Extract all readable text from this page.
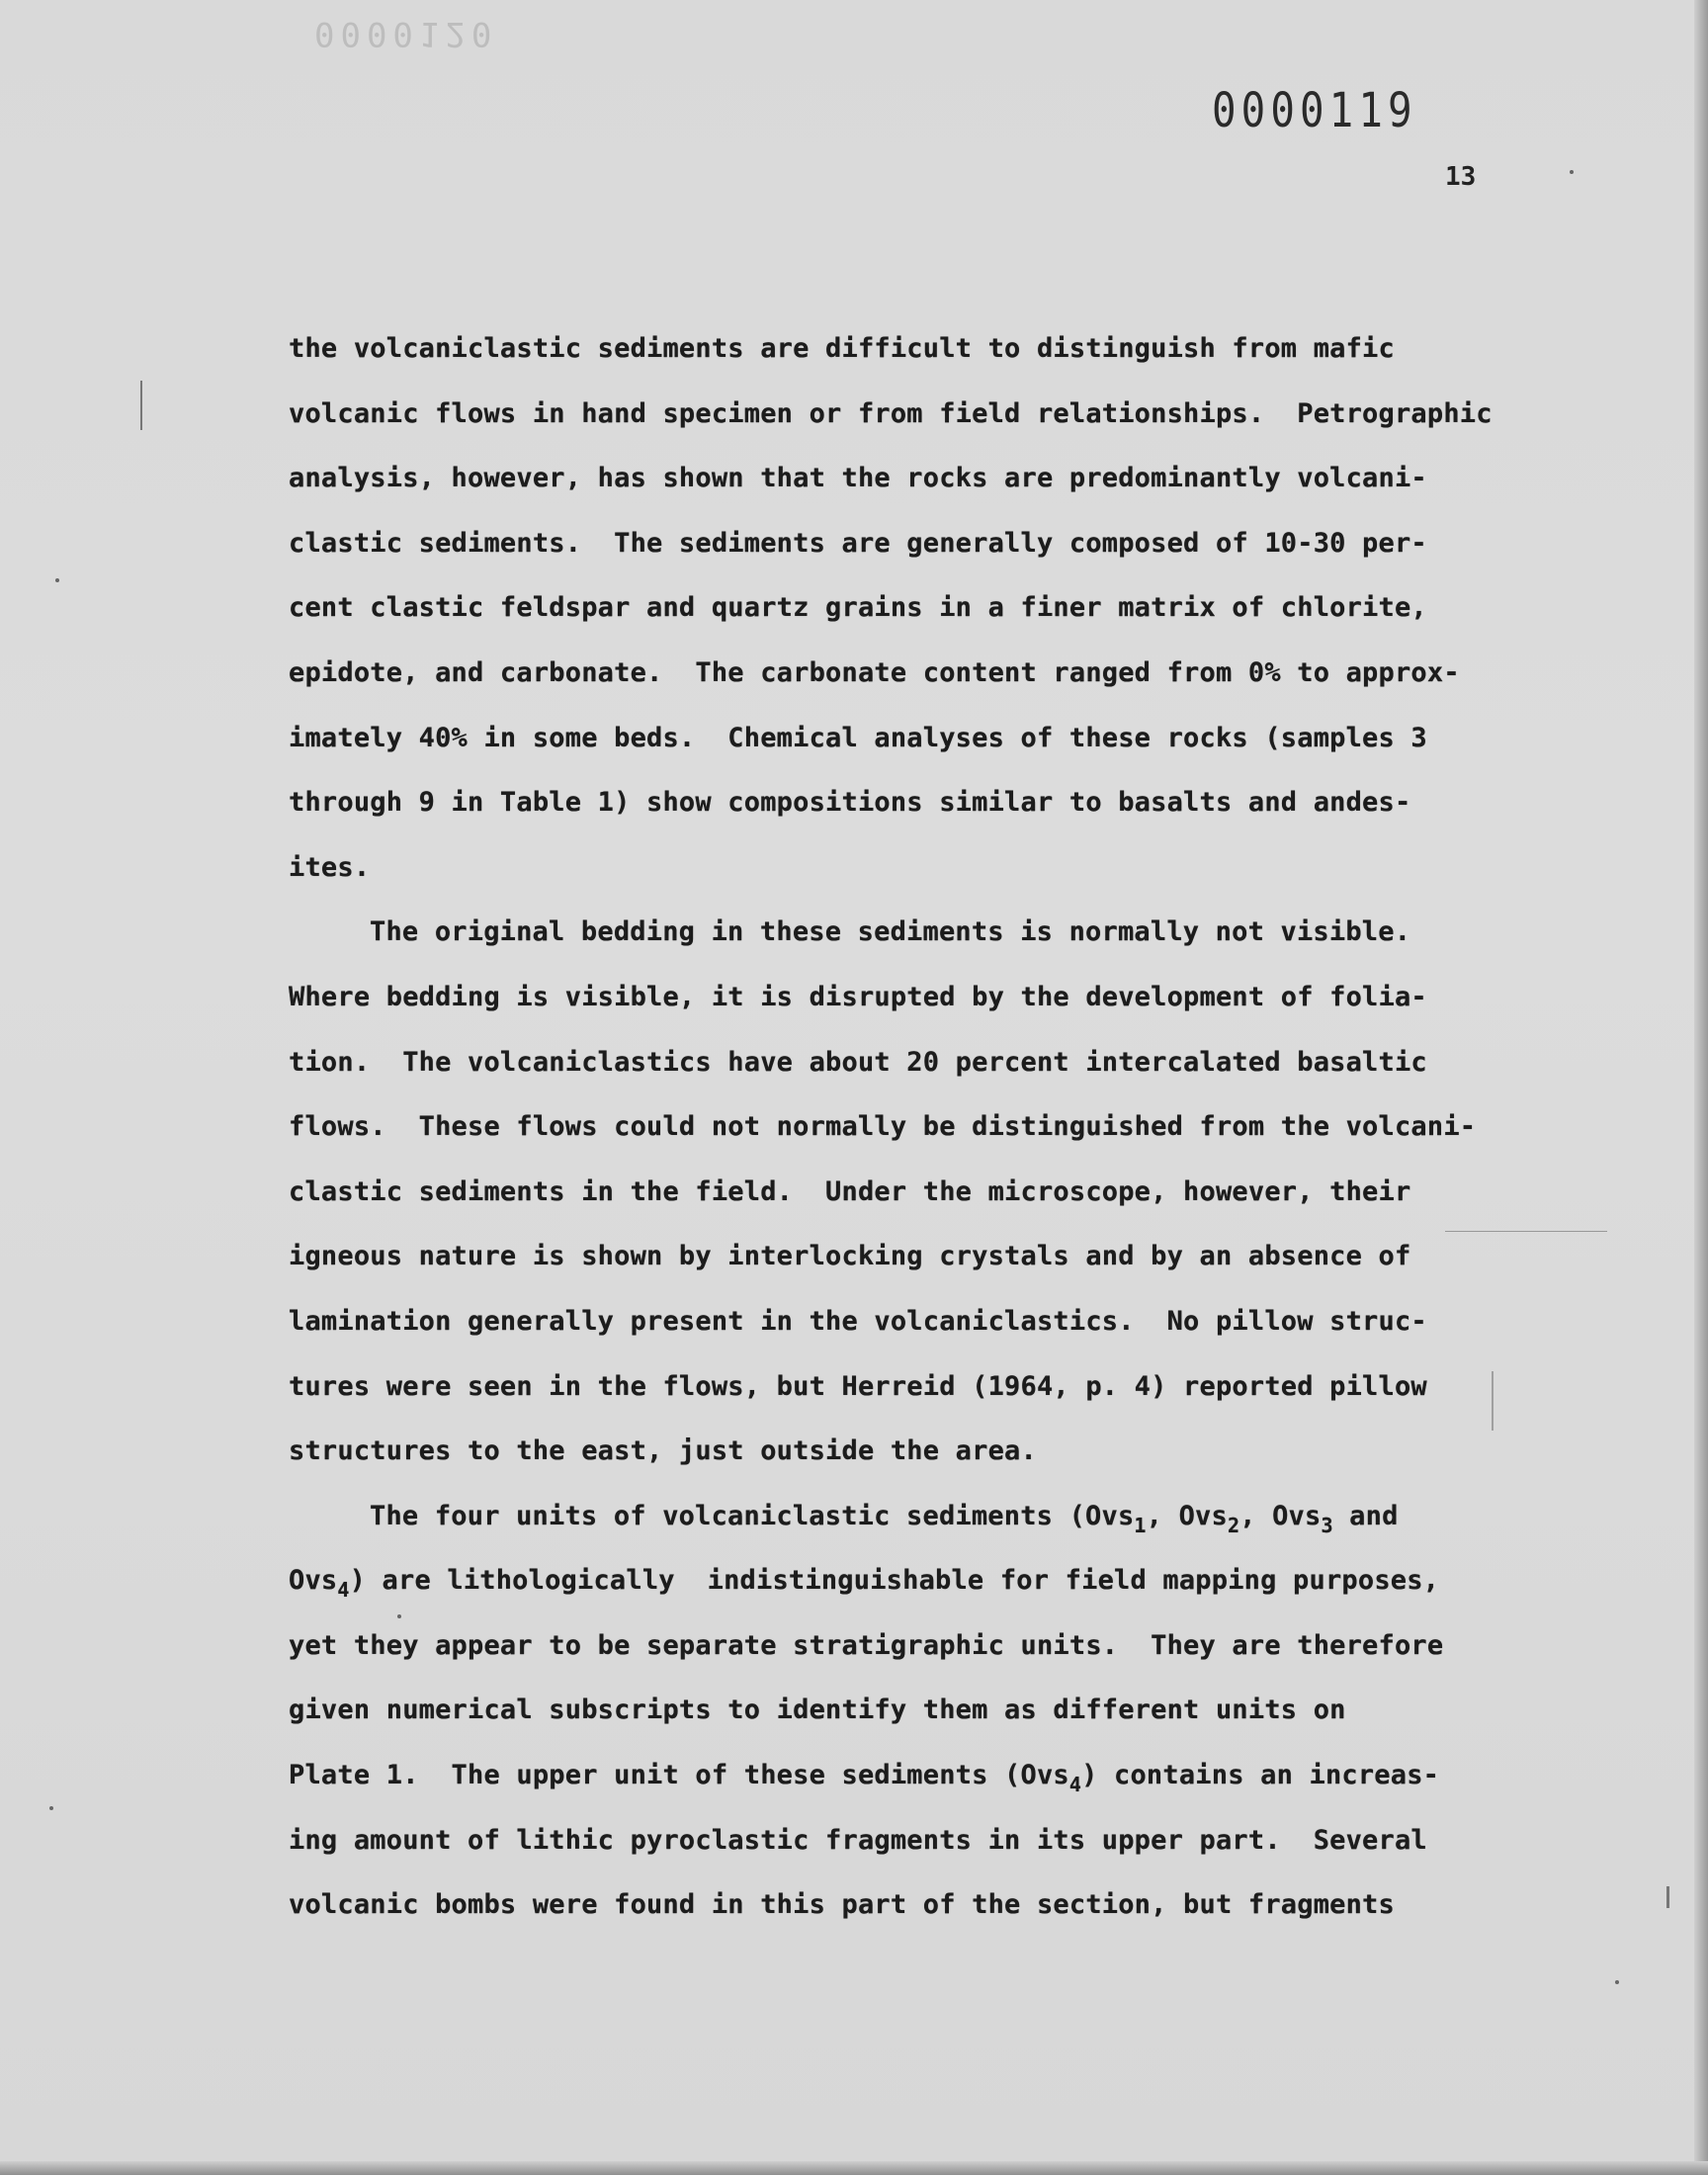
0000120
0000119
13
the volcaniclastic sediments are difficult to distinguish from mafic
volcanic flows in hand specimen or from field relationships.  Petrographic
analysis, however, has shown that the rocks are predominantly volcani-
clastic sediments.  The sediments are generally composed of 10-30 per-
cent clastic feldspar and quartz grains in a finer matrix of chlorite,
epidote, and carbonate.  The carbonate content ranged from 0% to approx-
imately 40% in some beds.  Chemical analyses of these rocks (samples 3
through 9 in Table 1) show compositions similar to basalts and andes-
ites.
The original bedding in these sediments is normally not visible.
Where bedding is visible, it is disrupted by the development of folia-
tion.  The volcaniclastics have about 20 percent intercalated basaltic
flows.  These flows could not normally be distinguished from the volcani-
clastic sediments in the field.  Under the microscope, however, their
igneous nature is shown by interlocking crystals and by an absence of
lamination generally present in the volcaniclastics.  No pillow struc-
tures were seen in the flows, but Herreid (1964, p. 4) reported pillow
structures to the east, just outside the area.
The four units of volcaniclastic sediments (Ovs$_1$, Ovs$_2$, Ovs$_3$ and
Ovs$_4$) are lithologically  indistinguishable for field mapping purposes,
yet they appear to be separate stratigraphic units.  They are therefore
given numerical subscripts to identify them as different units on
Plate 1.  The upper unit of these sediments (Ovs$_4$) contains an increas-
ing amount of lithic pyroclastic fragments in its upper part.  Several
volcanic bombs were found in this part of the section, but fragments
